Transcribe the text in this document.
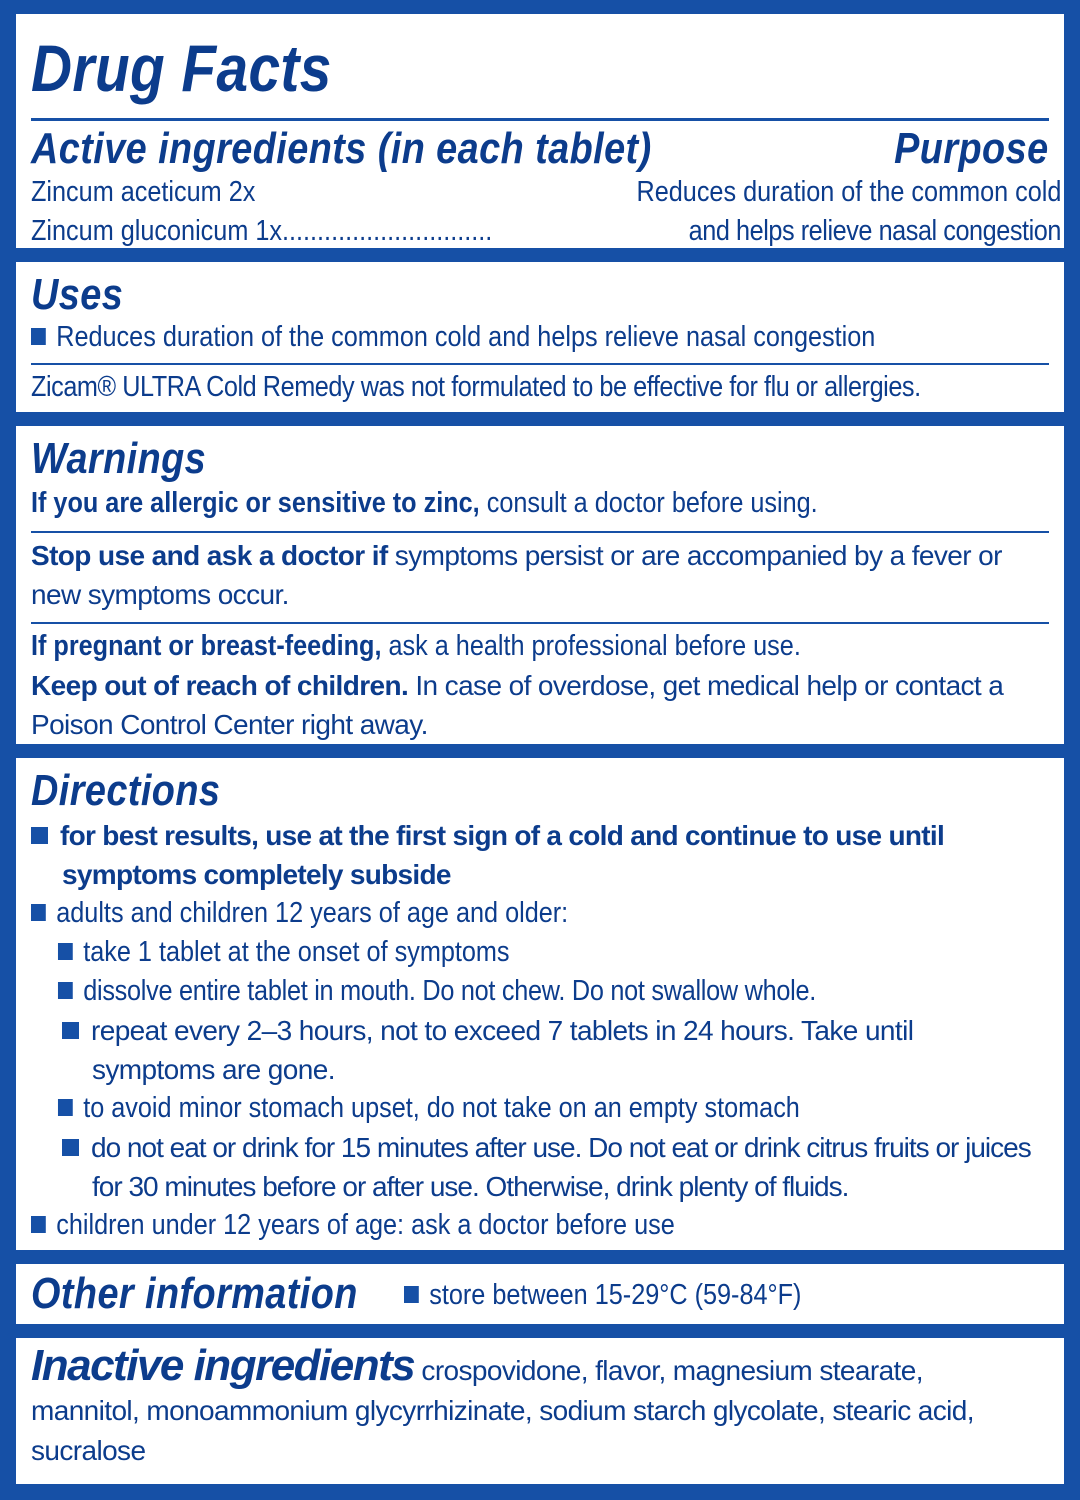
Drug Facts
Active ingredients (in each tablet)	Purpose
Zincum aceticum 2x	Reduces duration of the common cold
Zincum gluconicum 1x..............................	and helps relieve nasal congestion
Uses
Reduces duration of the common cold and helps relieve nasal congestion
Zicam® ULTRA Cold Remedy was not formulated to be effective for flu or allergies.
Warnings
If you are allergic or sensitive to zinc, consult a doctor before using.
Stop use and ask a doctor if symptoms persist or are accompanied by a fever or new symptoms occur.
If pregnant or breast-feeding, ask a health professional before use.
Keep out of reach of children. In case of overdose, get medical help or contact a Poison Control Center right away.
Directions
for best results, use at the first sign of a cold and continue to use until symptoms completely subside
adults and children 12 years of age and older:
take 1 tablet at the onset of symptoms
dissolve entire tablet in mouth. Do not chew. Do not swallow whole.
repeat every 2–3 hours, not to exceed 7 tablets in 24 hours. Take until symptoms are gone.
to avoid minor stomach upset, do not take on an empty stomach
do not eat or drink for 15 minutes after use. Do not eat or drink citrus fruits or juices for 30 minutes before or after use. Otherwise, drink plenty of fluids.
children under 12 years of age: ask a doctor before use
Other information	store between 15-29°C (59-84°F)
Inactive ingredients crospovidone, flavor, magnesium stearate, mannitol, monoammonium glycyrrhizinate, sodium starch glycolate, stearic acid, sucralose
